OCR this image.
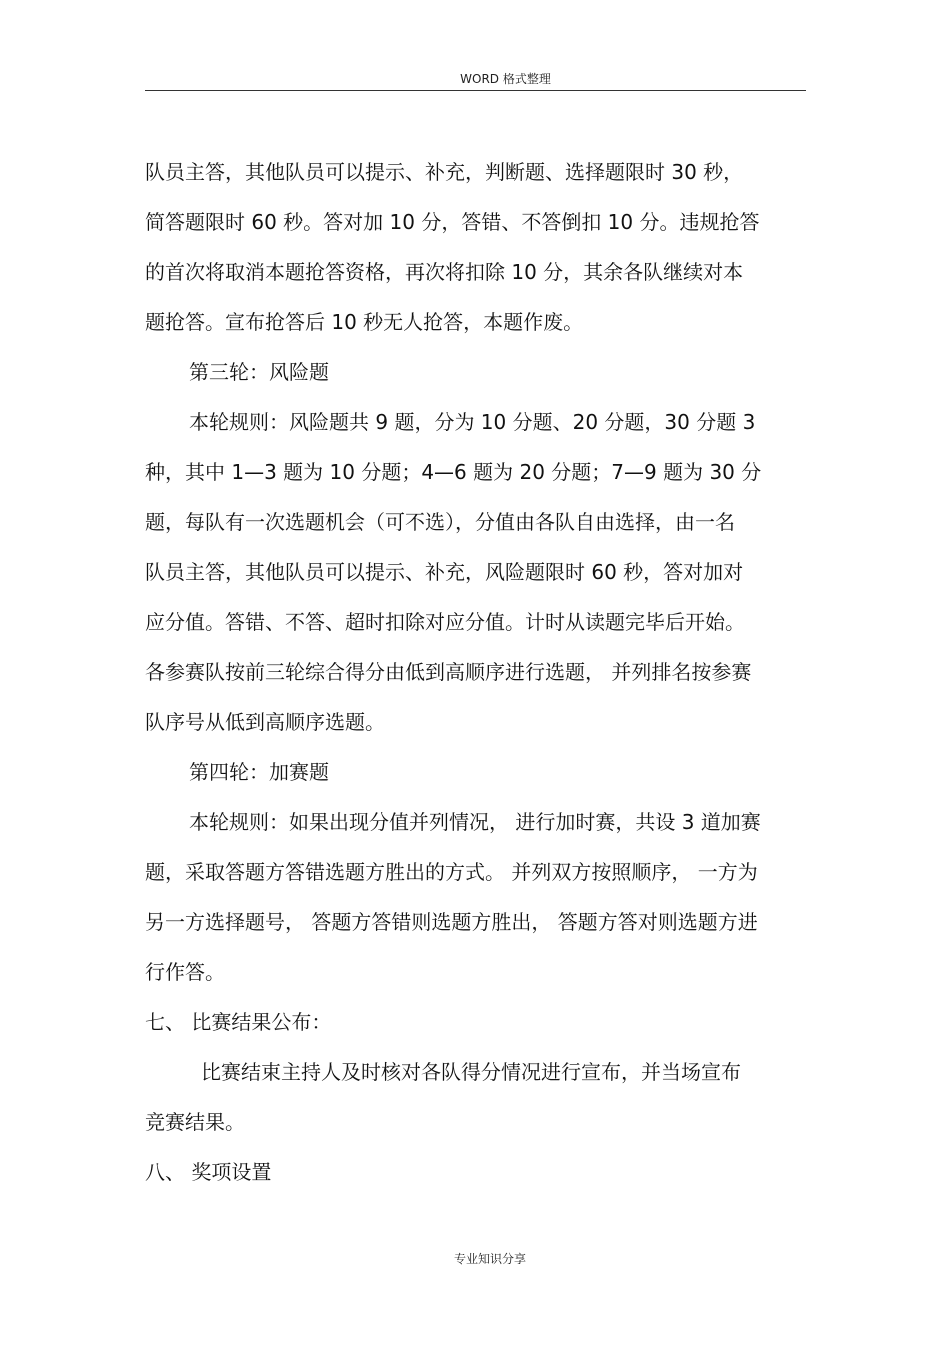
WORD 格式整理
队员主答，其他队员可以提示、补充，判断题、选择题限时 30 秒，
简答题限时 60 秒。答对加 10 分，答错、不答倒扣 10 分。违规抢答
的首次将取消本题抢答资格，再次将扣除 10 分，其余各队继续对本
题抢答。宣布抢答后 10 秒无人抢答，本题作废。
第三轮：风险题
本轮规则：风险题共 9 题，分为 10 分题、20 分题，30 分题 3
种，其中 1—3 题为 10 分题；4—6 题为 20 分题；7—9 题为 30 分
题，每队有一次选题机会（可不选），分值由各队自由选择，由一名
队员主答，其他队员可以提示、补充，风险题限时 60 秒，答对加对
应分值。答错、不答、超时扣除对应分值。计时从读题完毕后开始。
各参赛队按前三轮综合得分由低到高顺序进行选题， 并列排名按参赛
队序号从低到高顺序选题。
第四轮：加赛题
本轮规则：如果出现分值并列情况， 进行加时赛，共设 3 道加赛
题，采取答题方答错选题方胜出的方式。 并列双方按照顺序， 一方为
另一方选择题号， 答题方答错则选题方胜出， 答题方答对则选题方进
行作答。
七、 比赛结果公布：
比赛结束主持人及时核对各队得分情况进行宣布，并当场宣布
竞赛结果。
八、 奖项设置
专业知识分享
